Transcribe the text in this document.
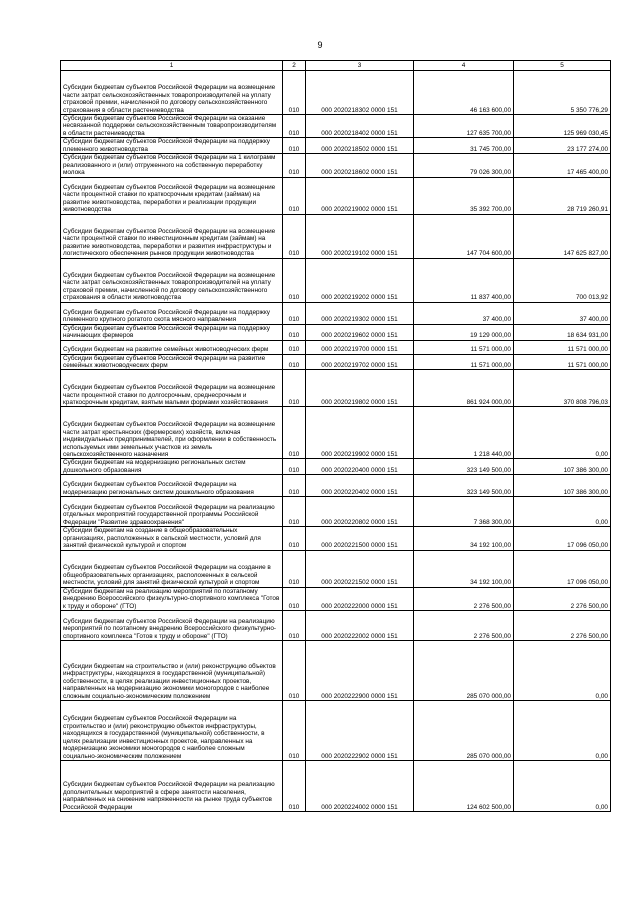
9
1	2	3	4	5
Субсидии бюджетам субъектов Российской Федерации на возмещение части затрат сельскохозяйственных товаропроизводителей на уплату страховой премии, начисленной по договору сельскохозяйственного страхования в области растениеводства	010	000 2020218302 0000 151	46 163 600,00	5 350 776,29
Субсидии бюджетам субъектов Российской Федерации на оказание несвязанной поддержки сельскохозяйственным товаропроизводителям в области растениеводства	010	000 2020218402 0000 151	127 635 700,00	125 969 030,45
Субсидии бюджетам субъектов Российской Федерации на поддержку племенного животноводства	010	000 2020218502 0000 151	31 745 700,00	23 177 274,00
Субсидии бюджетам субъектов Российской Федерации на 1 килограмм реализованного и (или) отгруженного на собственную переработку молока	010	000 2020218602 0000 151	79 026 300,00	17 465 400,00
Субсидии бюджетам субъектов Российской Федерации на возмещение части процентной ставки по краткосрочным кредитам (займам) на развитие животноводства, переработки и реализации продукции животноводства	010	000 2020219002 0000 151	35 392 700,00	28 719 260,91
Субсидии бюджетам субъектов Российской Федерации на возмещение части процентной ставки по инвестиционным кредитам (займам) на развитие животноводства, переработки и развития инфраструктуры и логистического обеспечения рынков продукции животноводства	010	000 2020219102 0000 151	147 704 600,00	147 625 827,00
Субсидии бюджетам субъектов Российской Федерации на возмещение части затрат сельскохозяйственных товаропроизводителей на уплату страховой премии, начисленной по договору сельскохозяйственного страхования в области животноводства	010	000 2020219202 0000 151	11 837 400,00	700 013,92
Субсидии бюджетам субъектов Российской Федерации на поддержку племенного крупного рогатого скота мясного направления	010	000 2020219302 0000 151	37 400,00	37 400,00
Субсидии бюджетам субъектов Российской Федерации на поддержку начинающих фермеров	010	000 2020219602 0000 151	19 129 000,00	18 634 931,00
Субсидии бюджетам на развитие семейных животноводческих ферм	010	000 2020219700 0000 151	11 571 000,00	11 571 000,00
Субсидии бюджетам субъектов Российской Федерации на развитие семейных животноводческих ферм	010	000 2020219702 0000 151	11 571 000,00	11 571 000,00
Субсидии бюджетам субъектов Российской Федерации на возмещение части процентной ставки по долгосрочным, среднесрочным и краткосрочным кредитам, взятым малыми формами хозяйствования	010	000 2020219802 0000 151	861 924 000,00	370 808 796,03
Субсидии бюджетам субъектов Российской Федерации на возмещение части затрат крестьянских (фермерских) хозяйств, включая индивидуальных предпринимателей, при оформлении в собственность используемых ими земельных участков из земель сельскохозяйственного назначения	010	000 2020219902 0000 151	1 218 440,00	0,00
Субсидии бюджетам на модернизацию региональных систем дошкольного образования	010	000 2020220400 0000 151	323 149 500,00	107 386 300,00
Субсидии бюджетам субъектов Российской Федерации на модернизацию региональных систем дошкольного образования	010	000 2020220402 0000 151	323 149 500,00	107 386 300,00
Субсидии бюджетам субъектов Российской Федерации на реализацию отдельных мероприятий государственной программы Российской Федерации "Развитие здравоохранения"	010	000 2020220802 0000 151	7 368 300,00	0,00
Субсидии бюджетам на создание в общеобразовательных организациях, расположенных в сельской местности, условий для занятий физической культурой и спортом	010	000 2020221500 0000 151	34 192 100,00	17 096 050,00
Субсидии бюджетам субъектов Российской Федерации на создание в общеобразовательных организациях, расположенных в сельской местности, условий для занятий физической культурой и спортом	010	000 2020221502 0000 151	34 192 100,00	17 096 050,00
Субсидии бюджетам на реализацию мероприятий по поэтапному внедрению Всероссийского физкультурно-спортивного комплекса "Готов к труду и обороне" (ГТО)	010	000 2020222000 0000 151	2 276 500,00	2 276 500,00
Субсидии бюджетам субъектов Российской Федерации на реализацию мероприятий по поэтапному внедрению Всероссийского физкультурно-спортивного комплекса "Готов к труду и обороне" (ГТО)	010	000 2020222002 0000 151	2 276 500,00	2 276 500,00
Субсидии бюджетам на строительство и (или) реконструкцию объектов инфраструктуры, находящихся в государственной (муниципальной) собственности, в целях реализации инвестиционных проектов, направленных на модернизацию экономики моногородов с наиболее сложным социально-экономическим положением	010	000 2020222900 0000 151	285 070 000,00	0,00
Субсидии бюджетам субъектов Российской Федерации на строительство и (или) реконструкцию объектов инфраструктуры, находящихся в государственной (муниципальной) собственности, в целях реализации инвестиционных проектов, направленных на модернизацию экономики моногородов с наиболее сложным социально-экономическим положением	010	000 2020222902 0000 151	285 070 000,00	0,00
Субсидии бюджетам субъектов Российской Федерации на реализацию дополнительных мероприятий в сфере занятости населения, направленных на снижение напряженности на рынке труда субъектов Российской Федерации	010	000 2020224002 0000 151	124 602 500,00	0,00
